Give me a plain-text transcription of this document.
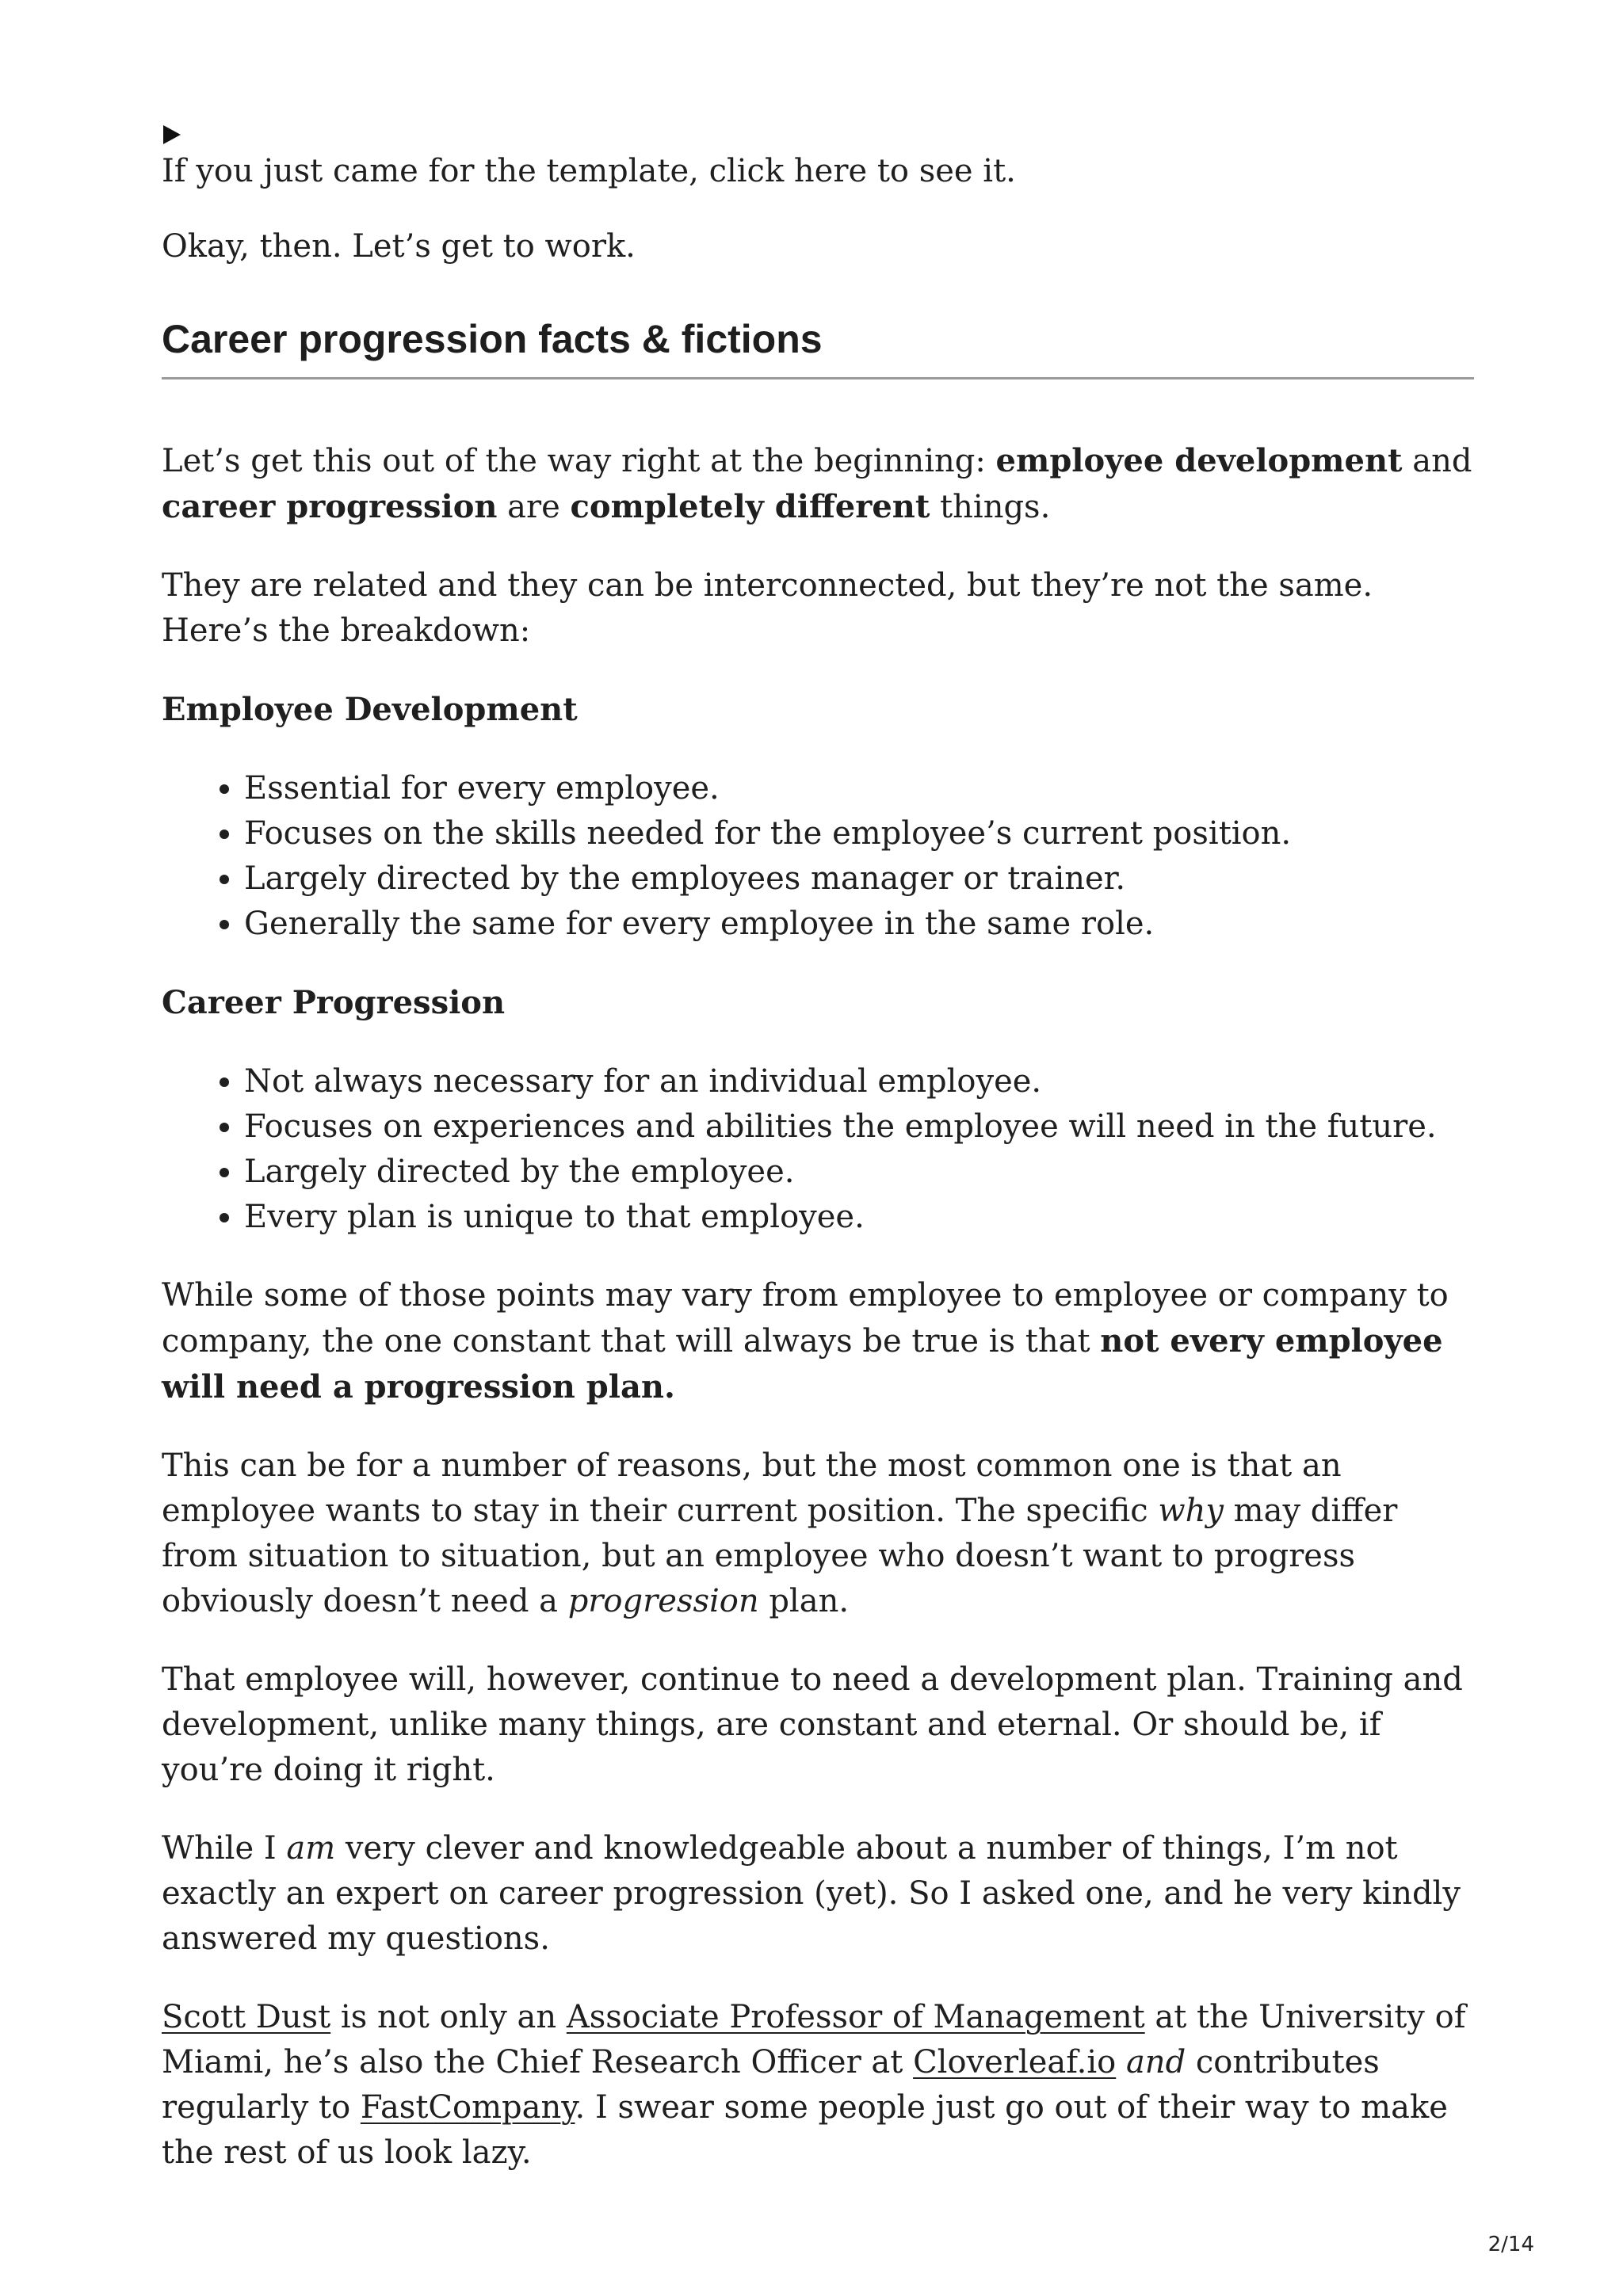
If you just came for the template, click here to see it.

Okay, then. Let’s get to work.

Career progression facts & fictions

Let’s get this out of the way right at the beginning: employee development and career progression are completely different things.

They are related and they can be interconnected, but they’re not the same. Here’s the breakdown:

Employee Development

• Essential for every employee.
• Focuses on the skills needed for the employee’s current position.
• Largely directed by the employees manager or trainer.
• Generally the same for every employee in the same role.

Career Progression

• Not always necessary for an individual employee.
• Focuses on experiences and abilities the employee will need in the future.
• Largely directed by the employee.
• Every plan is unique to that employee.

While some of those points may vary from employee to employee or company to company, the one constant that will always be true is that not every employee will need a progression plan.

This can be for a number of reasons, but the most common one is that an employee wants to stay in their current position. The specific why may differ from situation to situation, but an employee who doesn’t want to progress obviously doesn’t need a progression plan.

That employee will, however, continue to need a development plan. Training and development, unlike many things, are constant and eternal. Or should be, if you’re doing it right.

While I am very clever and knowledgeable about a number of things, I’m not exactly an expert on career progression (yet). So I asked one, and he very kindly answered my questions.

Scott Dust is not only an Associate Professor of Management at the University of Miami, he’s also the Chief Research Officer at Cloverleaf.io and contributes regularly to FastCompany. I swear some people just go out of their way to make the rest of us look lazy.

2/14
